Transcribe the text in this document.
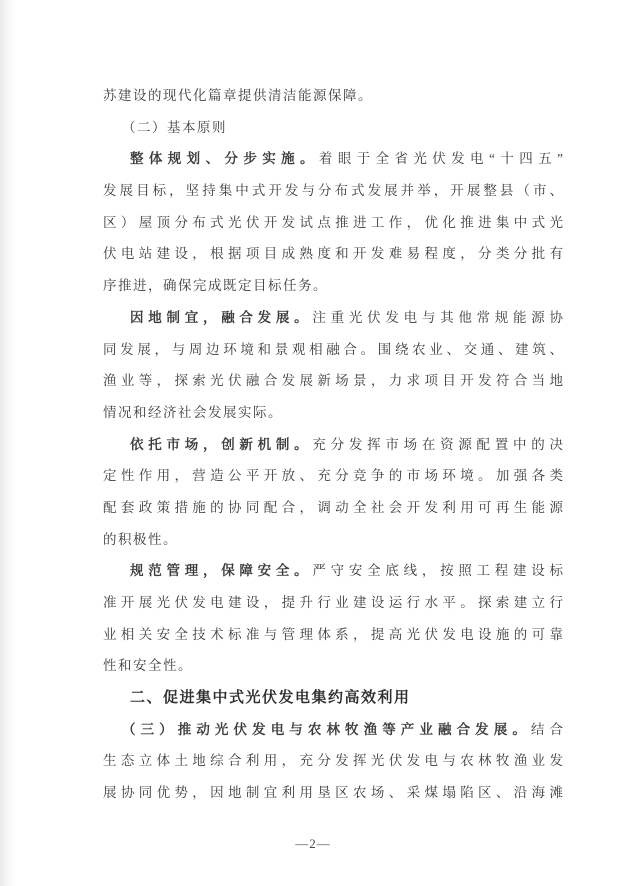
苏建设的现代化篇章提供清洁能源保障。
（二）基本原则
整体规划、分步实施。着眼于全省光伏发电“十四五”
发展目标，坚持集中式开发与分布式发展并举，开展整县（市、
区）屋顶分布式光伏开发试点推进工作，优化推进集中式光
伏电站建设，根据项目成熟度和开发难易程度，分类分批有
序推进，确保完成既定目标任务。
因地制宜，融合发展。注重光伏发电与其他常规能源协
同发展，与周边环境和景观相融合。围绕农业、交通、建筑、
渔业等，探索光伏融合发展新场景，力求项目开发符合当地
情况和经济社会发展实际。
依托市场，创新机制。充分发挥市场在资源配置中的决
定性作用，营造公平开放、充分竞争的市场环境。加强各类
配套政策措施的协同配合，调动全社会开发利用可再生能源
的积极性。
规范管理，保障安全。严守安全底线，按照工程建设标
准开展光伏发电建设，提升行业建设运行水平。探索建立行
业相关安全技术标准与管理体系，提高光伏发电设施的可靠
性和安全性。
二、促进集中式光伏发电集约高效利用
（三）推动光伏发电与农林牧渔等产业融合发展。结合
生态立体土地综合利用，充分发挥光伏发电与农林牧渔业发
展协同优势，因地制宜利用垦区农场、采煤塌陷区、沿海滩
—2—
